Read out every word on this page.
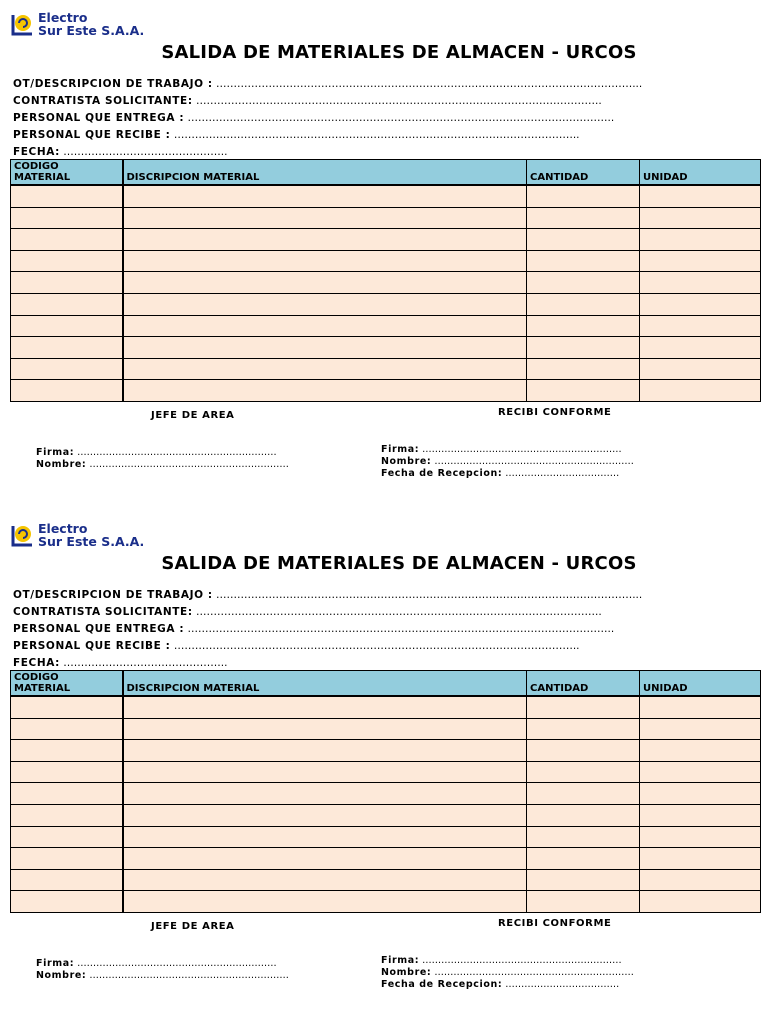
Electro
Sur Este S.A.A.
SALIDA DE MATERIALES DE ALMACEN - URCOS
OT/DESCRIPCION DE TRABAJO : ………………………………………………………………..………………………………………...
CONTRATISTA SOLICITANTE: ……………………………………………………………………………………………………..
PERSONAL QUE ENTREGA : …………………………………………………………………………………………………………..
PERSONAL QUE RECIBE : ……………………………………………………………………………………………………..
FECHA: ………………………………………..
CODIGO
MATERIAL	DISCRIPCION MATERIAL	CANTIDAD	UNIDAD

JEFE DE AREA	RECIBI CONFORME
Firma: ………………………………………………………
Nombre: ………………………………………………………
Firma: ………………………………………………………
Nombre: ………………………………………………………
Fecha de Recepcion: ………………………………
Electro
Sur Este S.A.A.
SALIDA DE MATERIALES DE ALMACEN - URCOS
OT/DESCRIPCION DE TRABAJO : ………………………………………………………………..………………………………………...
CONTRATISTA SOLICITANTE: ……………………………………………………………………………………………………..
PERSONAL QUE ENTREGA : …………………………………………………………………………………………………………..
PERSONAL QUE RECIBE : ……………………………………………………………………………………………………..
FECHA: ………………………………………..
CODIGO
MATERIAL	DISCRIPCION MATERIAL	CANTIDAD	UNIDAD

JEFE DE AREA	RECIBI CONFORME
Firma: ………………………………………………………
Nombre: ………………………………………………………
Firma: ………………………………………………………
Nombre: ………………………………………………………
Fecha de Recepcion: ………………………………
